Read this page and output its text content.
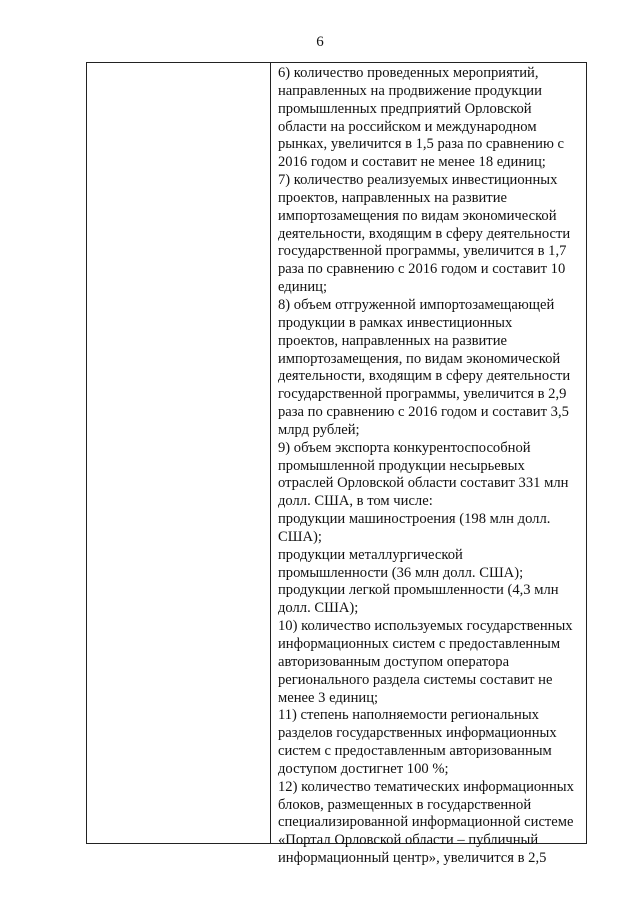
6
6) количество проведенных мероприятий,
направленных на продвижение продукции
промышленных предприятий Орловской
области на российском и международном
рынках, увеличится в 1,5 раза по сравнению с
2016 годом и составит не менее 18 единиц;
7) количество реализуемых инвестиционных
проектов, направленных на развитие
импортозамещения по видам экономической
деятельности, входящим в сферу деятельности
государственной программы, увеличится в 1,7
раза по сравнению с 2016 годом и составит 10
единиц;
8) объем отгруженной импортозамещающей
продукции в рамках инвестиционных
проектов, направленных на развитие
импортозамещения, по видам экономической
деятельности, входящим в сферу деятельности
государственной программы, увеличится в 2,9
раза по сравнению с 2016 годом и составит 3,5
млрд рублей;
9) объем экспорта конкурентоспособной
промышленной продукции несырьевых
отраслей Орловской области составит 331 млн
долл. США, в том числе:
продукции машиностроения (198 млн долл.
США);
продукции металлургической
промышленности (36 млн долл. США);
продукции легкой промышленности (4,3 млн
долл. США);
10) количество используемых государственных
информационных систем с предоставленным
авторизованным доступом оператора
регионального раздела системы составит не
менее 3 единиц;
11) степень наполняемости региональных
разделов государственных информационных
систем с предоставленным авторизованным
доступом достигнет 100 %;
12) количество тематических информационных
блоков, размещенных в государственной
специализированной информационной системе
«Портал Орловской области – публичный
информационный центр», увеличится в 2,5
